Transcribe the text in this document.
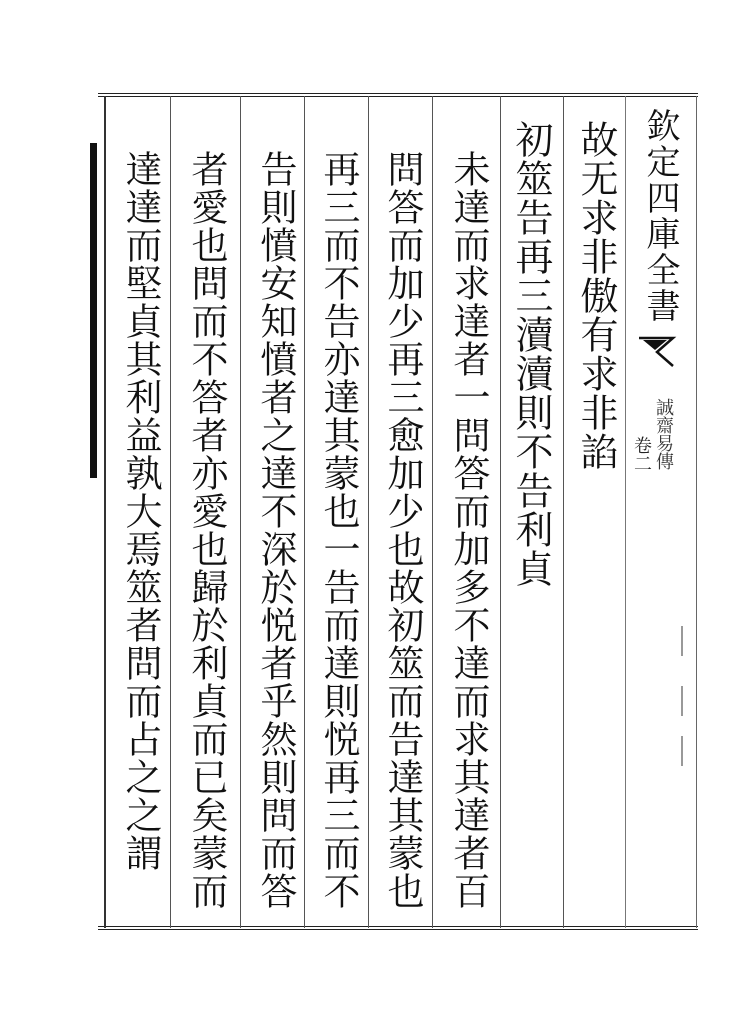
欽定四庫全書
誠齋易傳
卷二
故无求非傲有求非諂
初筮告再三瀆瀆則不告利貞
未達而求達者一問答而加多不達而求其達者百
問答而加少再三愈加少也故初筮而告達其蒙也
再三而不告亦達其蒙也一告而達則悦再三而不
告則憤安知憤者之達不深於悦者乎然則問而答
者愛也問而不答者亦愛也歸於利貞而已矣蒙而
達達而堅貞其利益孰大焉筮者問而占之之謂
